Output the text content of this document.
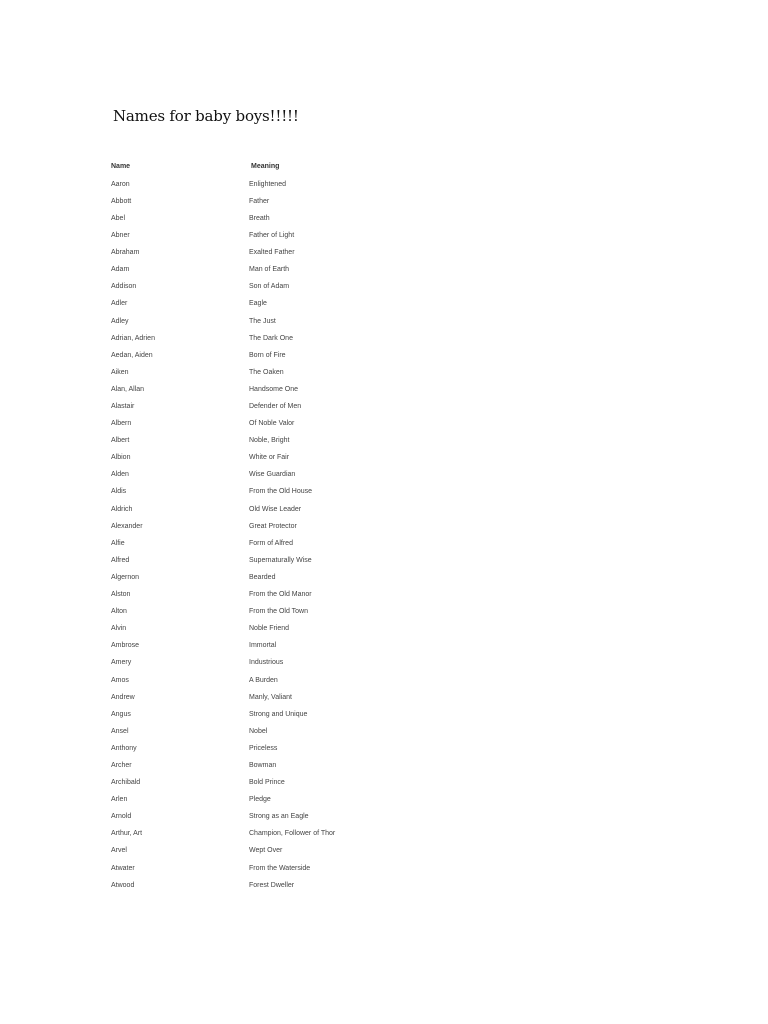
Names for baby boys!!!!!
Name	Meaning
Aaron	Enlightened
Abbott	Father
Abel	Breath
Abner	Father of Light
Abraham	Exalted Father
Adam	Man of Earth
Addison	Son of Adam
Adler	Eagle
Adley	The Just
Adrian, Adrien	The Dark One
Aedan, Aiden	Born of Fire
Aiken	The Oaken
Alan, Allan	Handsome One
Alastair	Defender of Men
Albern	Of Noble Valor
Albert	Noble, Bright
Albion	White or Fair
Alden	Wise Guardian
Aldis	From the Old House
Aldrich	Old Wise Leader
Alexander	Great Protector
Alfie	Form of Alfred
Alfred	Supernaturally Wise
Algernon	Bearded
Alston	From the Old Manor
Alton	From the Old Town
Alvin	Noble Friend
Ambrose	Immortal
Amery	Industrious
Amos	A Burden
Andrew	Manly, Valiant
Angus	Strong and Unique
Ansel	Nobel
Anthony	Priceless
Archer	Bowman
Archibald	Bold Prince
Arlen	Pledge
Arnold	Strong as an Eagle
Arthur, Art	Champion, Follower of Thor
Arvel	Wept Over
Atwater	From the Waterside
Atwood	Forest Dweller
